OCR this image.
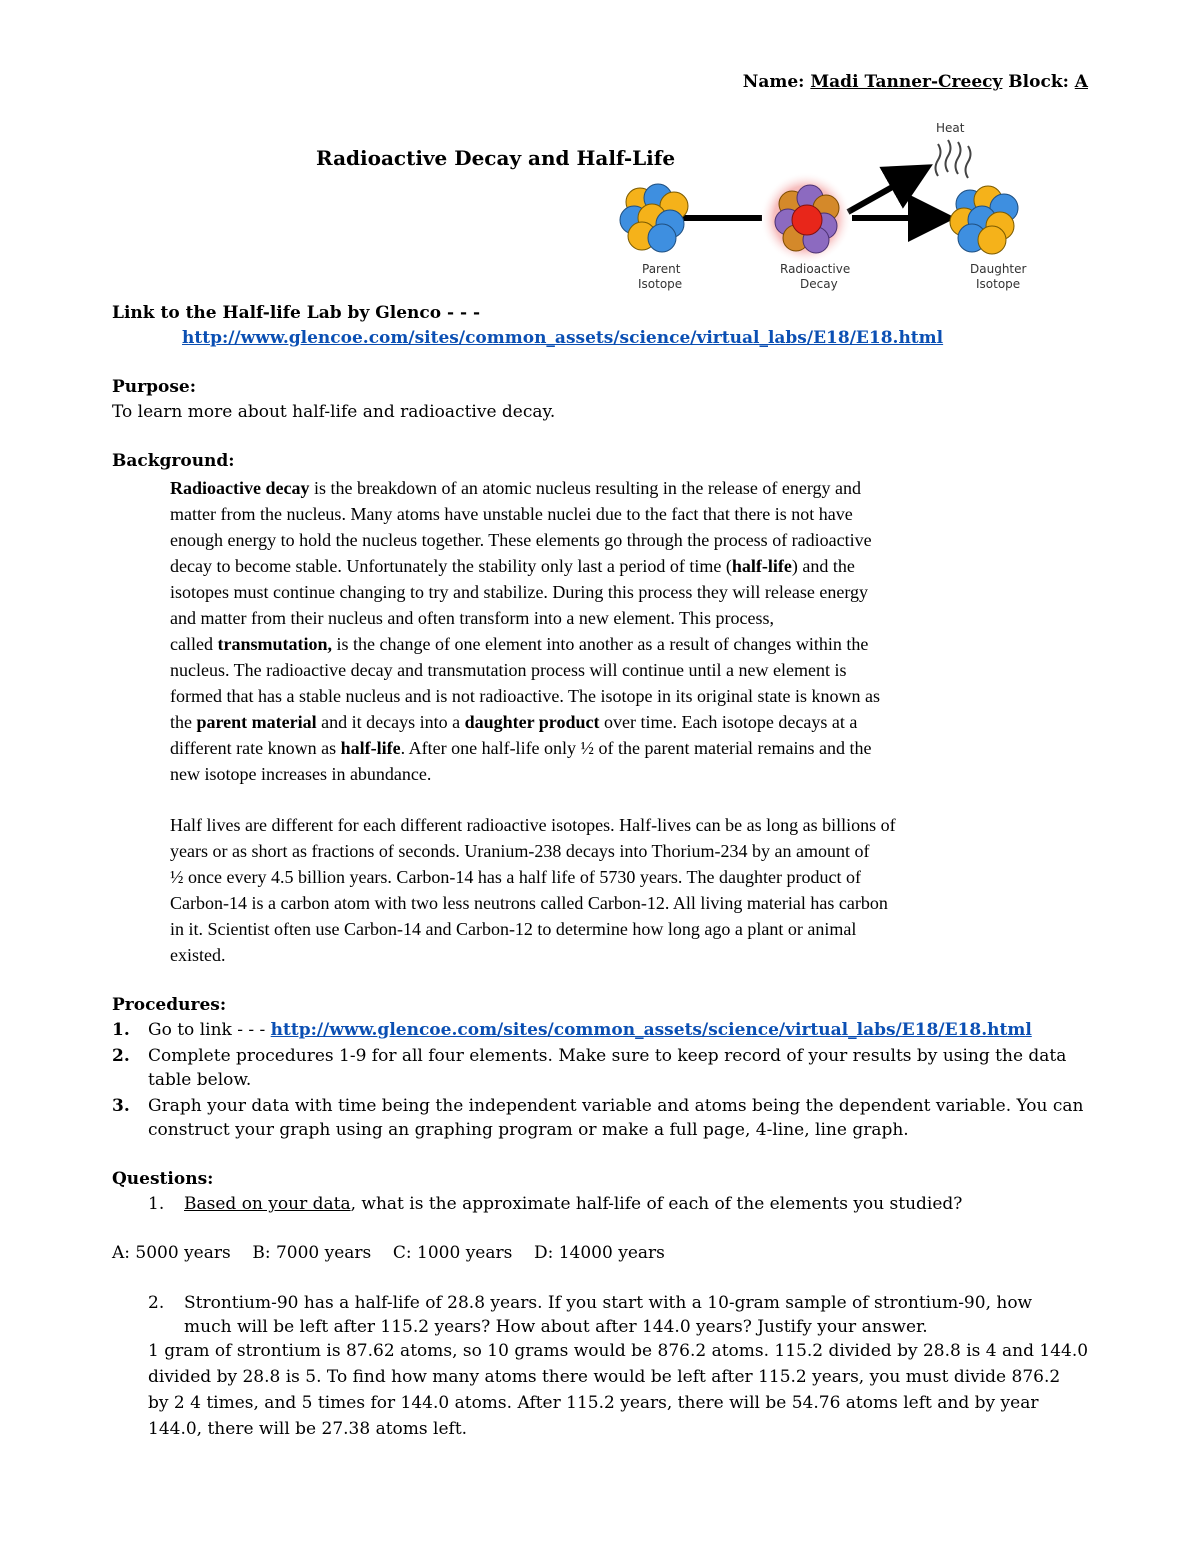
Name: Madi Tanner-Creecy Block: A
Radioactive Decay and Half-Life
Heat
Parent
Isotope
Radioactive
Decay
Daughter
Isotope
Link to the Half-life Lab by Glenco - - -
http://www.glencoe.com/sites/common_assets/science/virtual_labs/E18/E18.html
Purpose:
To learn more about half-life and radioactive decay.
Background:
Radioactive decay is the breakdown of an atomic nucleus resulting in the release of energy and
matter from the nucleus. Many atoms have unstable nuclei due to the fact that there is not have
enough energy to hold the nucleus together. These elements go through the process of radioactive
decay to become stable. Unfortunately the stability only last a period of time (half-life) and the
isotopes must continue changing to try and stabilize. During this process they will release energy
and matter from their nucleus and often transform into a new element. This process,
called transmutation, is the change of one element into another as a result of changes within the
nucleus. The radioactive decay and transmutation process will continue until a new element is
formed that has a stable nucleus and is not radioactive. The isotope in its original state is known as
the parent material and it decays into a daughter product over time. Each isotope decays at a
different rate known as half-life. After one half-life only ½ of the parent material remains and the
new isotope increases in abundance.
Half lives are different for each different radioactive isotopes. Half-lives can be as long as billions of
years or as short as fractions of seconds. Uranium-238 decays into Thorium-234 by an amount of
½ once every 4.5 billion years. Carbon-14 has a half life of 5730 years. The daughter product of
Carbon-14 is a carbon atom with two less neutrons called Carbon-12. All living material has carbon
in it. Scientist often use Carbon-14 and Carbon-12 to determine how long ago a plant or animal
existed.
Procedures:
1. Go to link - - - http://www.glencoe.com/sites/common_assets/science/virtual_labs/E18/E18.html
2. Complete procedures 1-9 for all four elements. Make sure to keep record of your results by using the data
table below.
3. Graph your data with time being the independent variable and atoms being the dependent variable. You can
construct your graph using an graphing program or make a full page, 4-line, line graph.
Questions:
1. Based on your data, what is the approximate half-life of each of the elements you studied?
A: 5000 years    B: 7000 years    C: 1000 years    D: 14000 years
2. Strontium-90 has a half-life of 28.8 years. If you start with a 10-gram sample of strontium-90, how
much will be left after 115.2 years? How about after 144.0 years? Justify your answer.
1 gram of strontium is 87.62 atoms, so 10 grams would be 876.2 atoms. 115.2 divided by 28.8 is 4 and 144.0
divided by 28.8 is 5. To find how many atoms there would be left after 115.2 years, you must divide 876.2
by 2 4 times, and 5 times for 144.0 atoms. After 115.2 years, there will be 54.76 atoms left and by year
144.0, there will be 27.38 atoms left.
